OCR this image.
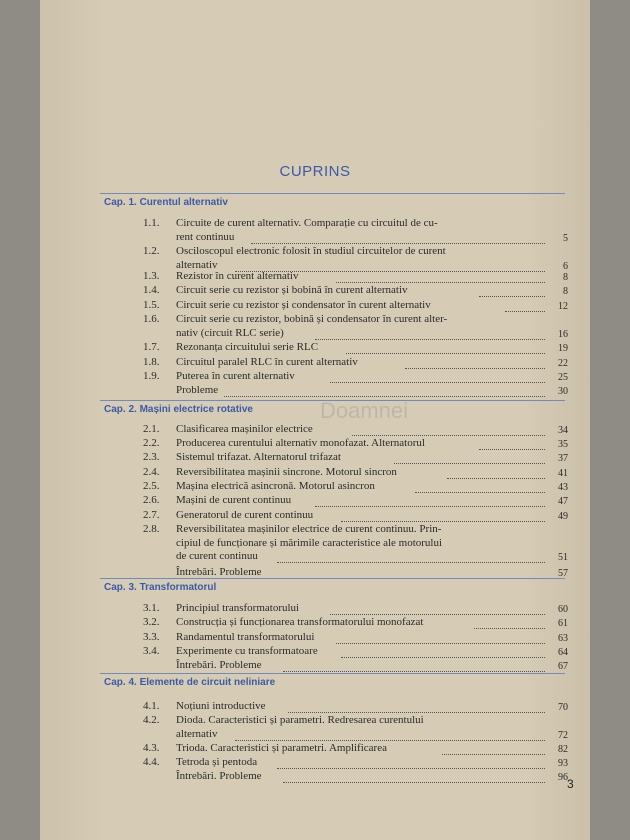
Doamnei
CUPRINS
Cap. 1. Curentul alternativ
1.1.	Circuite de curent alternativ. Comparație cu circuitul de cu-
rent continuu	5
1.2.	Osciloscopul electronic folosit în studiul circuitelor de curent
alternativ	6
1.3.	Rezistor în curent alternativ	8
1.4.	Circuit serie cu rezistor și bobină în curent alternativ	8
1.5.	Circuit serie cu rezistor și condensator în curent alternativ	12
1.6.	Circuit serie cu rezistor, bobină și condensator în curent alter-
nativ (circuit RLC serie)	16
1.7.	Rezonanța circuitului serie RLC	19
1.8.	Circuitul paralel RLC în curent alternativ	22
1.9.	Puterea în curent alternativ	25
Probleme	30
Cap. 2. Mașini electrice rotative
2.1.	Clasificarea mașinilor electrice	34
2.2.	Producerea curentului alternativ monofazat. Alternatorul	35
2.3.	Sistemul trifazat. Alternatorul trifazat	37
2.4.	Reversibilitatea mașinii sincrone. Motorul sincron	41
2.5.	Mașina electrică asincronă. Motorul asincron	43
2.6.	Mașini de curent continuu	47
2.7.	Generatorul de curent continuu	49
2.8.	Reversibilitatea mașinilor electrice de curent continuu. Prin-
cipiul de funcționare și mărimile caracteristice ale motorului
de curent continuu	51
Întrebări. Probleme	57
Cap. 3. Transformatorul
3.1.	Principiul transformatorului	60
3.2.	Construcția și funcționarea transformatorului monofazat	61
3.3.	Randamentul transformatorului	63
3.4.	Experimente cu transformatoare	64
Întrebări. Probleme	67
Cap. 4. Elemente de circuit neliniare
4.1.	Noțiuni introductive	70
4.2.	Dioda. Caracteristici și parametri. Redresarea curentului
alternativ	72
4.3.	Trioda. Caracteristici și parametri. Amplificarea	82
4.4.	Tetroda și pentoda	93
Întrebări. Probleme	96 3
